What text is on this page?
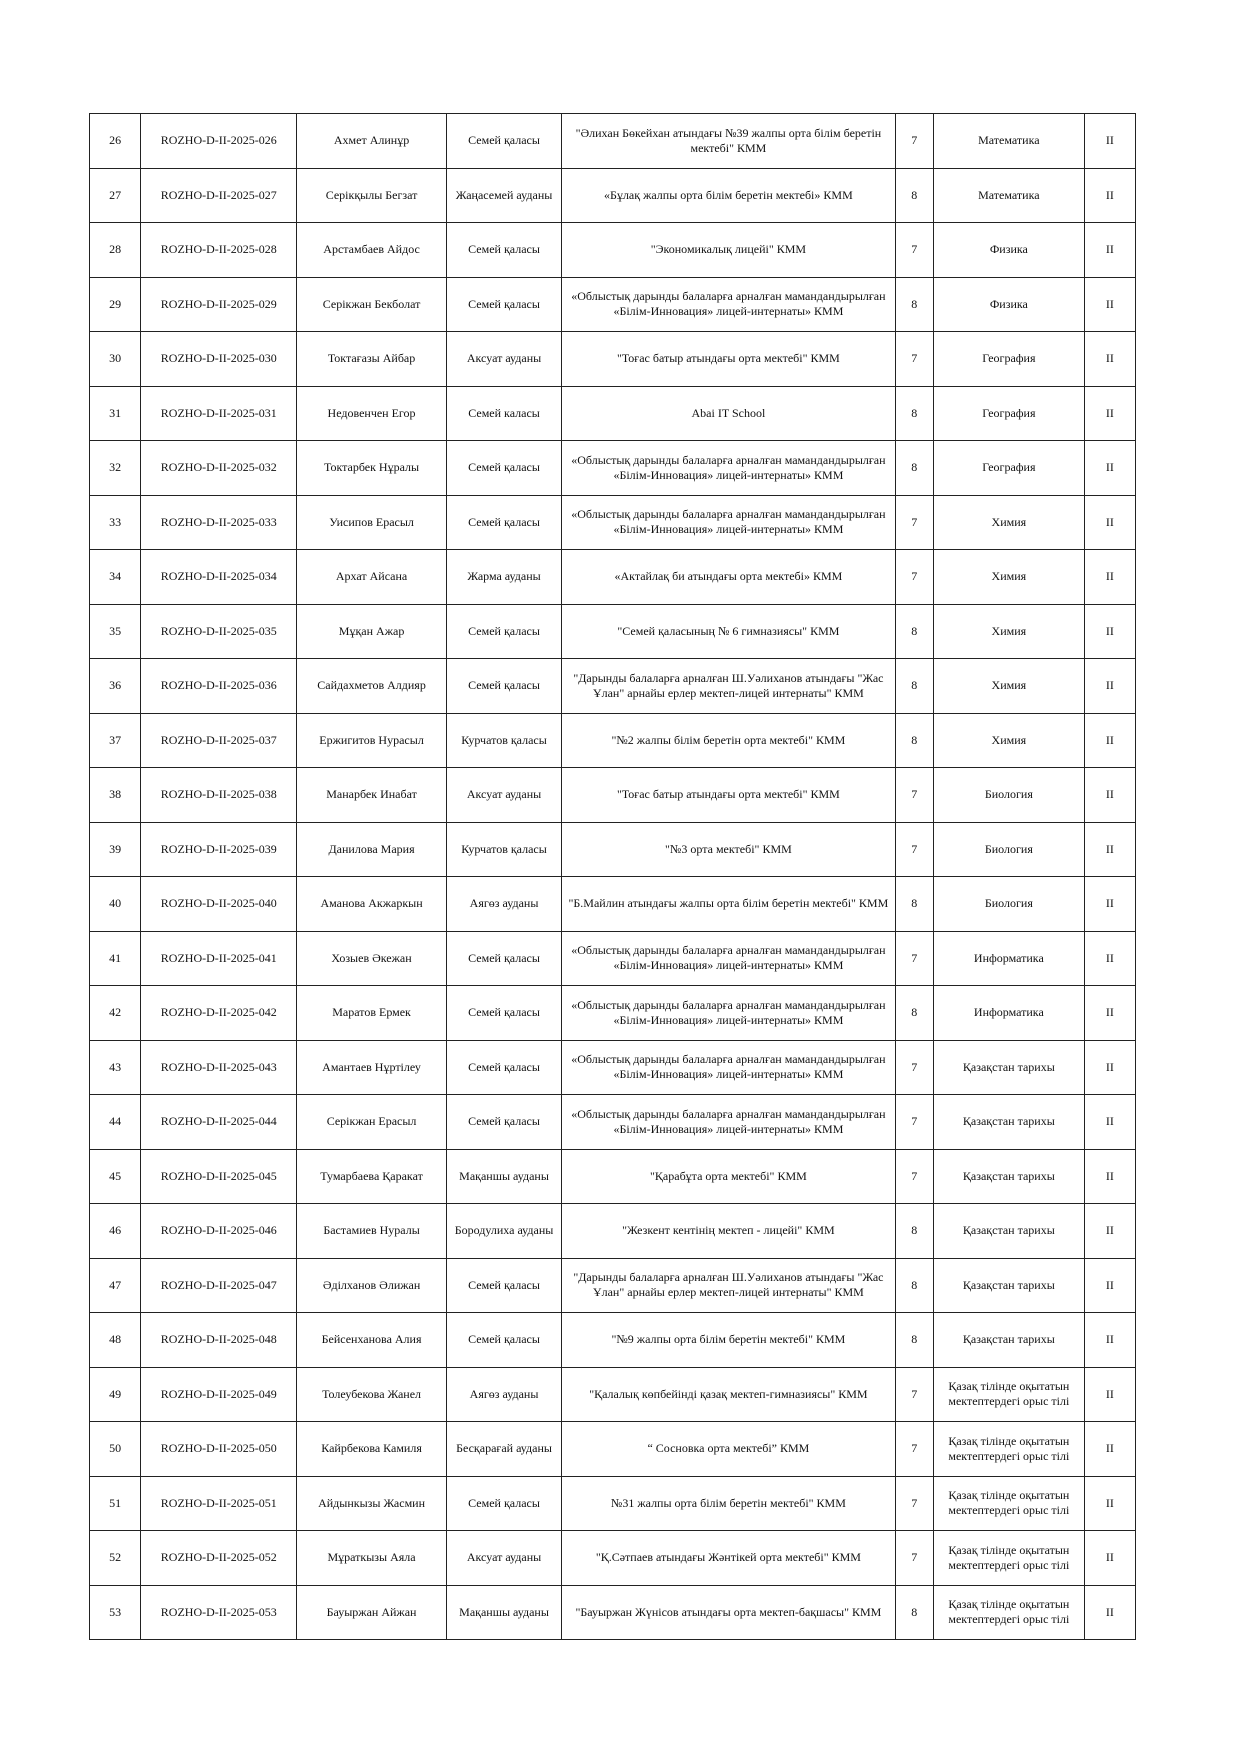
26	ROZHO-D-II-2025-026	Ахмет Алинұр	Семей қаласы	"Әлихан Бөкейхан атындағы №39 жалпы орта білім беретін мектебі" КММ	7	Математика	II
27	ROZHO-D-II-2025-027	Серікқылы Бегзат	Жаңасемей ауданы	«Бұлақ жалпы орта білім беретін мектебі» КММ	8	Математика	II
28	ROZHO-D-II-2025-028	Арстамбаев Айдос	Семей қаласы	"Экономикалық лицейі" КММ	7	Физика	II
29	ROZHO-D-II-2025-029	Серікжан Бекболат	Семей қаласы	«Облыстық дарынды балаларға арналған мамандандырылған «Білім-Инновация» лицей-интернаты» КММ	8	Физика	II
30	ROZHO-D-II-2025-030	Токтағазы Айбар	Аксуат ауданы	"Тоғас батыр атындағы орта мектебі" КММ	7	География	II
31	ROZHO-D-II-2025-031	Недовенчен Егор	Семей каласы	Abai IT School	8	География	II
32	ROZHO-D-II-2025-032	Токтарбек Нұралы	Семей қаласы	«Облыстық дарынды балаларға арналған мамандандырылған «Білім-Инновация» лицей-интернаты» КММ	8	География	II
33	ROZHO-D-II-2025-033	Уисипов Ерасыл	Семей қаласы	«Облыстық дарынды балаларға арналған мамандандырылған «Білім-Инновация» лицей-интернаты» КММ	7	Химия	II
34	ROZHO-D-II-2025-034	Архат Айсана	Жарма ауданы	«Актайлақ би атындағы орта мектебі» КММ	7	Химия	II
35	ROZHO-D-II-2025-035	Мұқан Ажар	Семей қаласы	"Семей қаласының № 6 гимназиясы" КММ	8	Химия	II
36	ROZHO-D-II-2025-036	Сайдахметов Алдияр	Семей қаласы	"Дарынды балаларға арналған Ш.Уәлиханов атындағы "Жас Ұлан" арнайы ерлер мектеп-лицей интернаты" КММ	8	Химия	II
37	ROZHO-D-II-2025-037	Ержигитов Нурасыл	Курчатов қаласы	"№2 жалпы білім беретін орта мектебі" КММ	8	Химия	II
38	ROZHO-D-II-2025-038	Манарбек Инабат	Аксуат ауданы	"Тоғас батыр атындағы орта мектебі" КММ	7	Биология	II
39	ROZHO-D-II-2025-039	Данилова Мария	Курчатов қаласы	"№3 орта мектебі" КММ	7	Биология	II
40	ROZHO-D-II-2025-040	Аманова Акжаркын	Аягөз ауданы	"Б.Майлин атындағы жалпы орта білім беретін мектебі" КММ	8	Биология	II
41	ROZHO-D-II-2025-041	Хозыев Әкежан	Семей қаласы	«Облыстық дарынды балаларға арналған мамандандырылған «Білім-Инновация» лицей-интернаты» КММ	7	Информатика	II
42	ROZHO-D-II-2025-042	Маратов Ермек	Семей қаласы	«Облыстық дарынды балаларға арналған мамандандырылған «Білім-Инновация» лицей-интернаты» КММ	8	Информатика	II
43	ROZHO-D-II-2025-043	Амантаев Нұртілеу	Семей қаласы	«Облыстық дарынды балаларға арналған мамандандырылған «Білім-Инновация» лицей-интернаты» КММ	7	Қазақстан тарихы	II
44	ROZHO-D-II-2025-044	Серікжан Ерасыл	Семей қаласы	«Облыстық дарынды балаларға арналған мамандандырылған «Білім-Инновация» лицей-интернаты» КММ	7	Қазақстан тарихы	II
45	ROZHO-D-II-2025-045	Тумарбаева Қаракат	Мақаншы ауданы	"Қарабұта орта мектебі" КММ	7	Қазақстан тарихы	II
46	ROZHO-D-II-2025-046	Бастамиев Нуралы	Бородулиха ауданы	"Жезкент кентінің мектеп - лицейі" КММ	8	Қазақстан тарихы	II
47	ROZHO-D-II-2025-047	Әділханов Әлижан	Семей қаласы	"Дарынды балаларға арналған Ш.Уәлиханов атындағы "Жас Ұлан" арнайы ерлер мектеп-лицей интернаты" КММ	8	Қазақстан тарихы	II
48	ROZHO-D-II-2025-048	Бейсенханова Алия	Семей қаласы	"№9 жалпы орта білім беретін мектебі" КММ	8	Қазақстан тарихы	II
49	ROZHO-D-II-2025-049	Толеубекова Жанел	Аягөз ауданы	"Қалалық көпбейінді қазақ мектеп-гимназиясы" КММ	7	Қазақ тілінде оқытатын мектептердегі орыс тілі	II
50	ROZHO-D-II-2025-050	Кайрбекова Камиля	Бесқарағай ауданы	“ Сосновка орта мектебі” КММ	7	Қазақ тілінде оқытатын мектептердегі орыс тілі	II
51	ROZHO-D-II-2025-051	Айдынкызы Жасмин	Семей қаласы	№31 жалпы орта білім беретін мектебі" КММ	7	Қазақ тілінде оқытатын мектептердегі орыс тілі	II
52	ROZHO-D-II-2025-052	Мұраткызы Аяла	Аксуат ауданы	"Қ.Сәтпаев атындағы Жәнтікей орта мектебі" КММ	7	Қазақ тілінде оқытатын мектептердегі орыс тілі	II
53	ROZHO-D-II-2025-053	Бауыржан Айжан	Мақаншы ауданы	"Бауыржан Жүнісов атындағы орта мектеп-бақшасы" КММ	8	Қазақ тілінде оқытатын мектептердегі орыс тілі	II
